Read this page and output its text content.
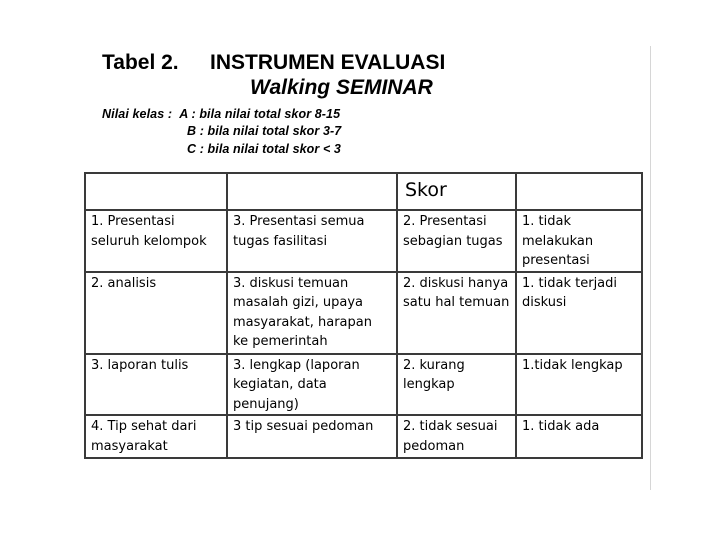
Tabel 2. INSTRUMEN EVALUASI
Walking SEMINAR
Nilai kelas : A : bila nilai total skor 8-15
B : bila nilai total skor 3-7
C : bila nilai total skor < 3
		Skor	
1. Presentasi seluruh kelompok	3. Presentasi semua tugas fasilitasi	2. Presentasi sebagian tugas	1. tidak melakukan presentasi
2. analisis	3. diskusi temuan masalah gizi, upaya masyarakat, harapan ke pemerintah	2. diskusi hanya satu hal temuan	1. tidak terjadi diskusi
3. laporan tulis	3. lengkap (laporan kegiatan, data penujang)	2. kurang lengkap	1.tidak lengkap
4. Tip sehat dari masyarakat	3 tip sesuai pedoman	2. tidak sesuai pedoman	1. tidak ada
